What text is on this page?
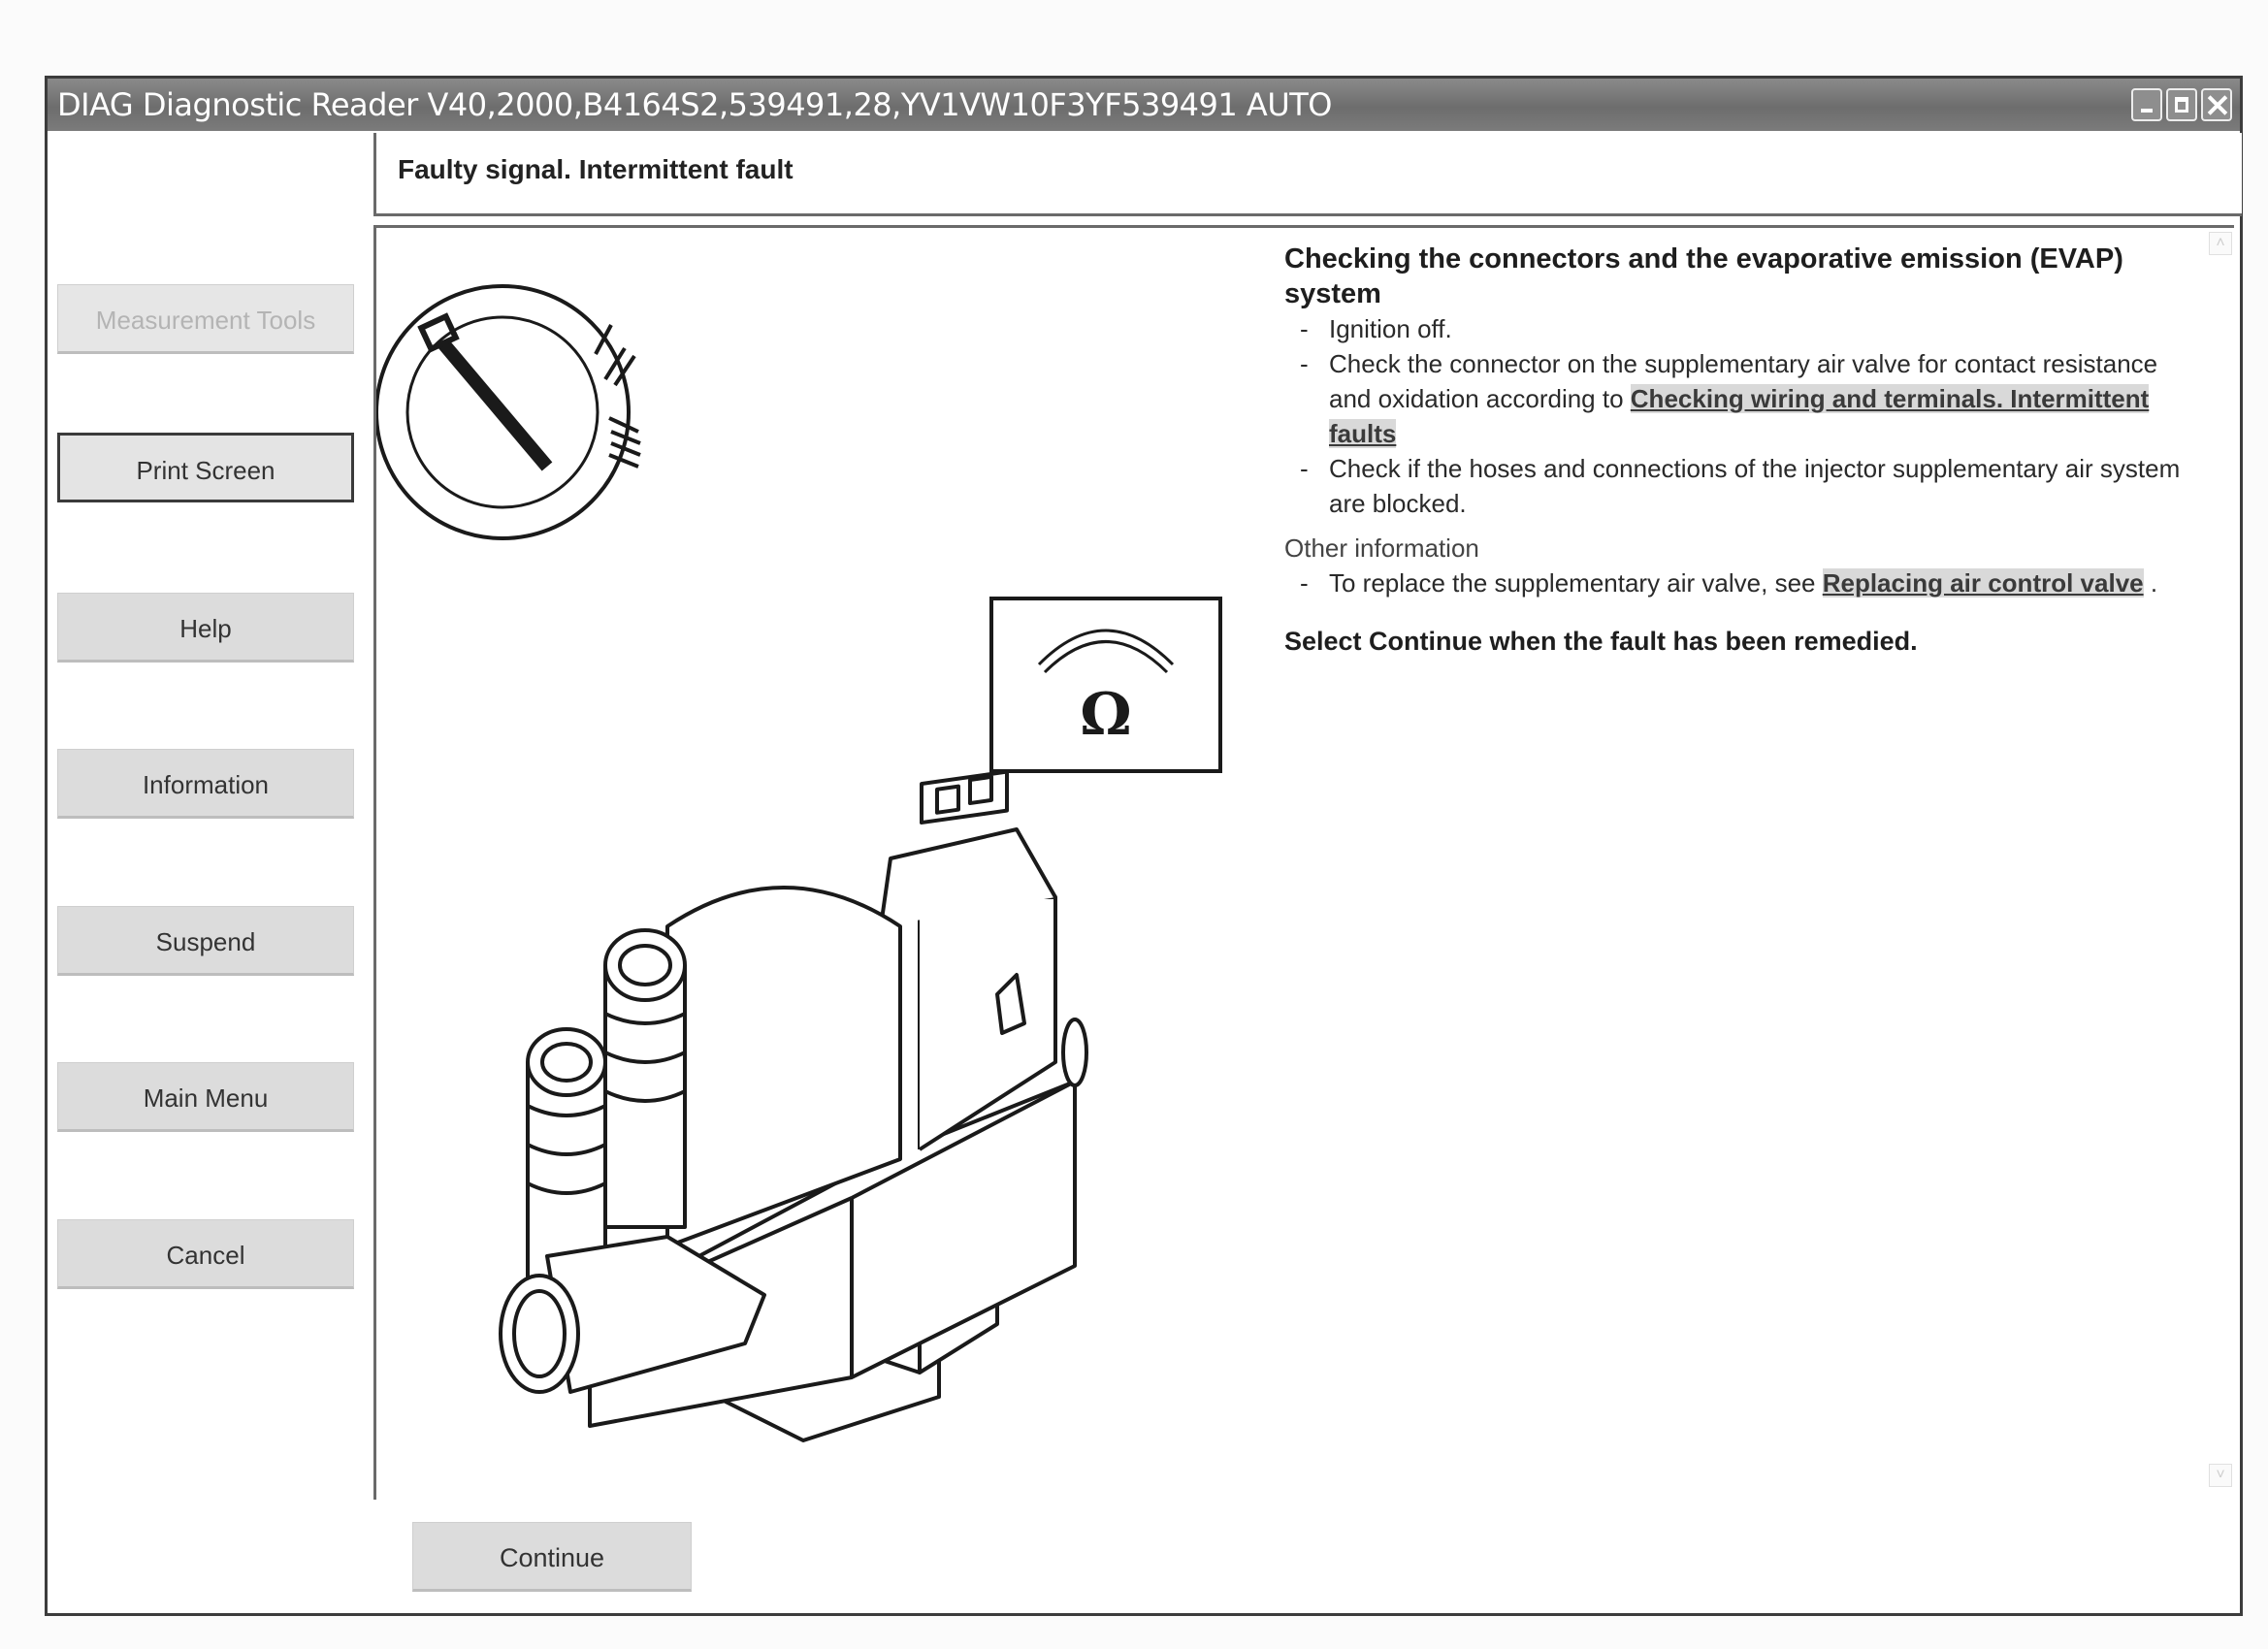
DIAG Diagnostic Reader V40,2000,B4164S2,539491,28,YV1VW10F3YF539491 AUTO
Measurement Tools
Print Screen
Help
Information
Suspend
Main Menu
Cancel
Faulty signal. Intermittent fault
Ω
Checking the connectors and the evaporative emission (EVAP) system
- Ignition off.
- Check the connector on the supplementary air valve for contact resistance and oxidation according to Checking wiring and terminals. Intermittent faults
- Check if the hoses and connections of the injector supplementary air system are blocked.
Other information
- To replace the supplementary air valve, see Replacing air control valve .
Select Continue when the fault has been remedied.
˄
˅
Continue
